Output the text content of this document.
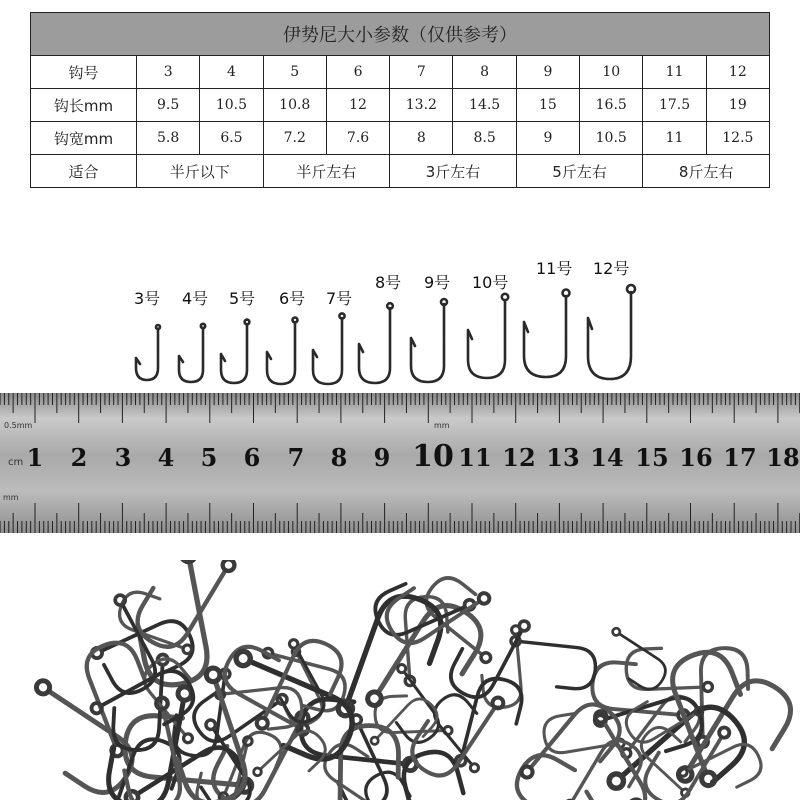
伊势尼大小参数（仅供参考）										
钩号	3	4	5	6	7	8	9	10	11	12
钩长mm	9.5	10.5	10.8	12	13.2	14.5	15	16.5	17.5	19
钩宽mm	5.8	6.5	7.2	7.6	8	8.5	9	10.5	11	12.5
适合	半斤以下		半斤左右		3斤左右		5斤左右		8斤左右	
3号 4号 5号 6号 7号
8号 9号 10号
11号 12号
0.5mm	mm
mm
cm 1 2 3 4 5 6 7 8 9 10 11 12 13 14 15 16 17 18
